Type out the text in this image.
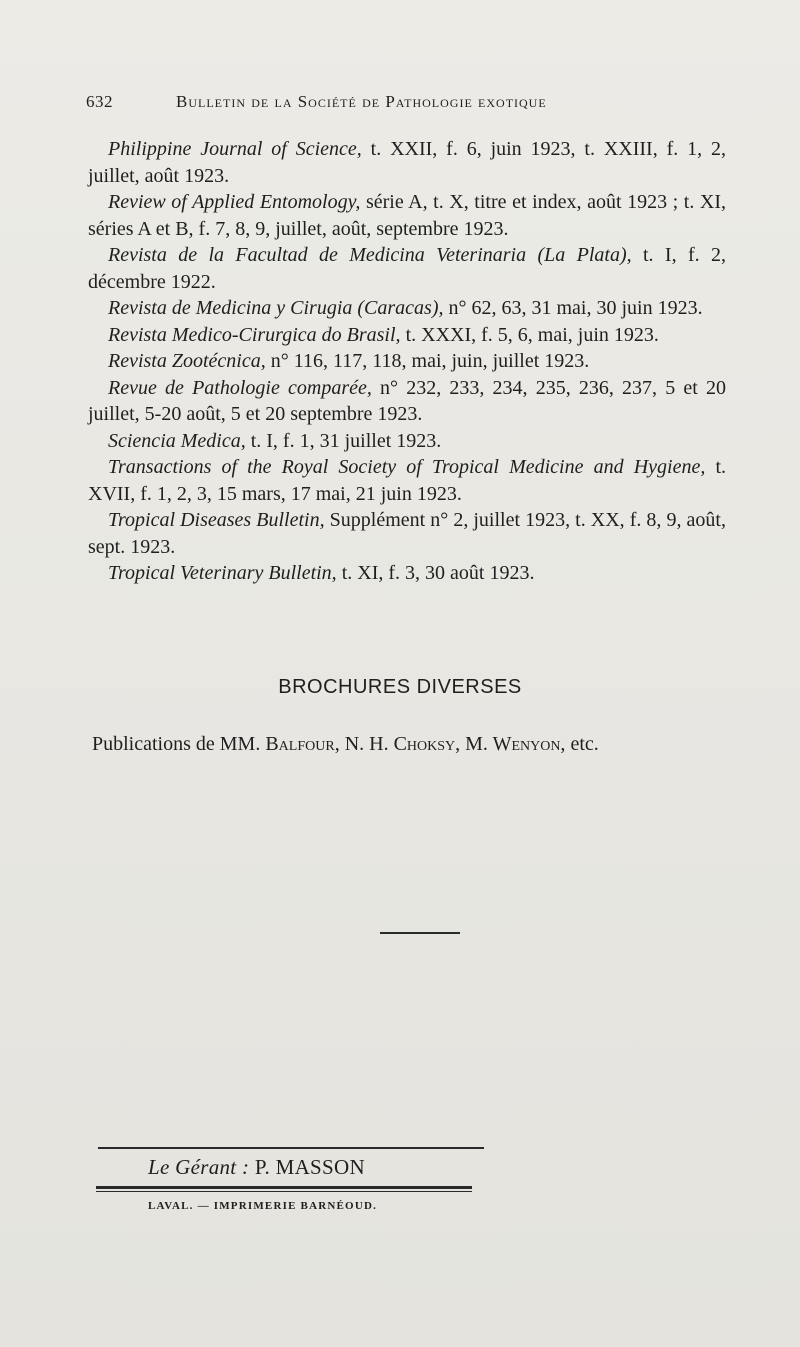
632	Bulletin de la Société de Pathologie exotique

Philippine Journal of Science, t. XXII, f. 6, juin 1923, t. XXIII, f. 1, 2, juillet, août 1923.

Review of Applied Entomology, série A, t. X, titre et index, août 1923 ; t. XI, séries A et B, f. 7, 8, 9, juillet, août, septembre 1923.

Revista de la Facultad de Medicina Veterinaria (La Plata), t. I, f. 2, décembre 1922.

Revista de Medicina y Cirugia (Caracas), n° 62, 63, 31 mai, 30 juin 1923.

Revista Medico-Cirurgica do Brasil, t. XXXI, f. 5, 6, mai, juin 1923.

Revista Zootécnica, n° 116, 117, 118, mai, juin, juillet 1923.

Revue de Pathologie comparée, n° 232, 233, 234, 235, 236, 237, 5 et 20 juillet, 5-20 août, 5 et 20 septembre 1923.

Sciencia Medica, t. I, f. 1, 31 juillet 1923.

Transactions of the Royal Society of Tropical Medicine and Hygiene, t. XVII, f. 1, 2, 3, 15 mars, 17 mai, 21 juin 1923.

Tropical Diseases Bulletin, Supplément n° 2, juillet 1923, t. XX, f. 8, 9, août, sept. 1923.

Tropical Veterinary Bulletin, t. XI, f. 3, 30 août 1923.

BROCHURES DIVERSES
Publications de MM. Balfour, N. H. Choksy, M. Wenyon, etc.
Le Gérant : P. MASSON
LAVAL. — IMPRIMERIE BARNÉOUD.
